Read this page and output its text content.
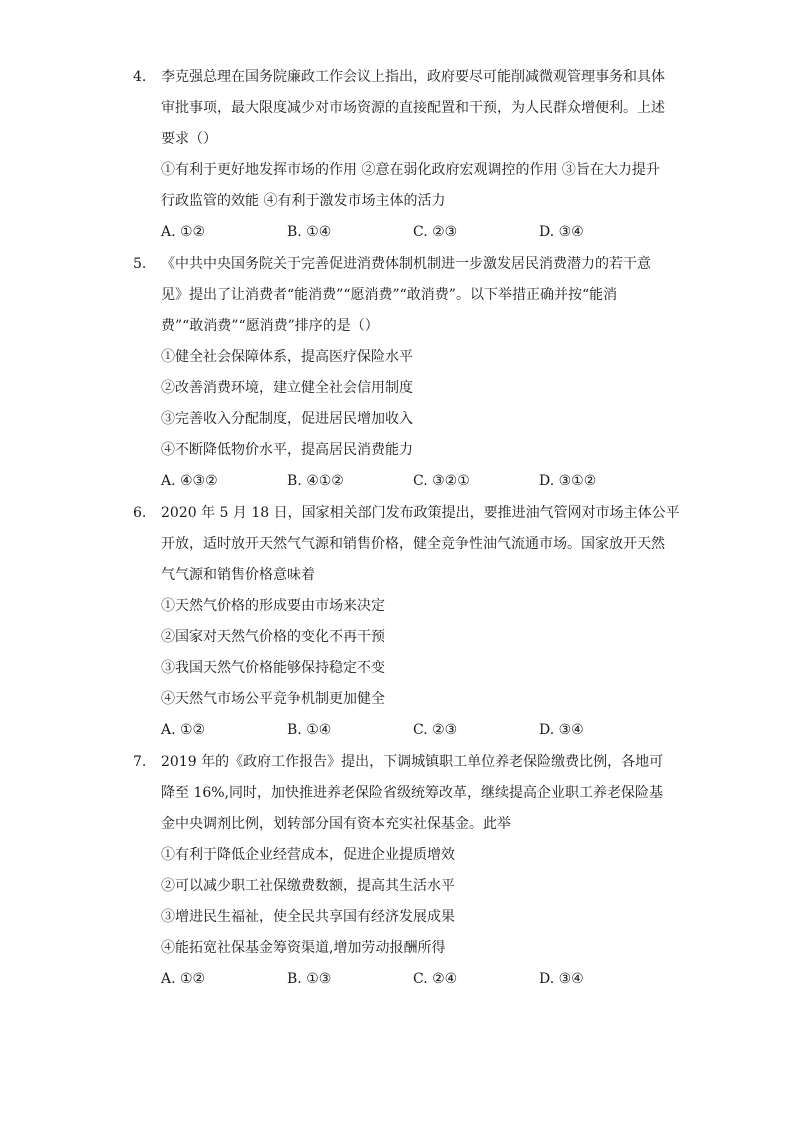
4.	李克强总理在国务院廉政工作会议上指出，政府要尽可能削减微观管理事务和具体
审批事项，最大限度减少对市场资源的直接配置和干预，为人民群众增便利。上述
要求（）
①有利于更好地发挥市场的作用 ②意在弱化政府宏观调控的作用 ③旨在大力提升
行政监管的效能 ④有利于激发市场主体的活力
A. ①②	B. ①④	C. ②③	D. ③④
5.	《中共中央国务院关于完善促进消费体制机制进一步激发居民消费潜力的若干意
见》提出了让消费者“能消费”“愿消费”“敢消费”。以下举措正确并按“能消
费”“敢消费”“愿消费”排序的是（）
①健全社会保障体系，提高医疗保险水平
②改善消费环境，建立健全社会信用制度
③完善收入分配制度，促进居民增加收入
④不断降低物价水平，提高居民消费能力
A. ④③②	B. ④①②	C. ③②①	D. ③①②
6.	2020 年 5 月 18 日，国家相关部门发布政策提出，要推进油气管网对市场主体公平
开放，适时放开天然气气源和销售价格，健全竞争性油气流通市场。国家放开天然
气气源和销售价格意味着
①天然气价格的形成要由市场来决定
②国家对天然气价格的变化不再干预
③我国天然气价格能够保持稳定不变
④天然气市场公平竞争机制更加健全
A. ①②	B. ①④	C. ②③	D. ③④
7.	2019 年的《政府工作报告》提出，下调城镇职工单位养老保险缴费比例，各地可
降至 16%,同时，加快推进养老保险省级统筹改革，继续提高企业职工养老保险基
金中央调剂比例，划转部分国有资本充实社保基金。此举
①有利于降低企业经营成本，促进企业提质增效
②可以减少职工社保缴费数额，提高其生活水平
③增进民生福祉，使全民共享国有经济发展成果
④能拓宽社保基金筹资渠道,增加劳动报酬所得
A. ①②	B. ①③	C. ②④	D. ③④
